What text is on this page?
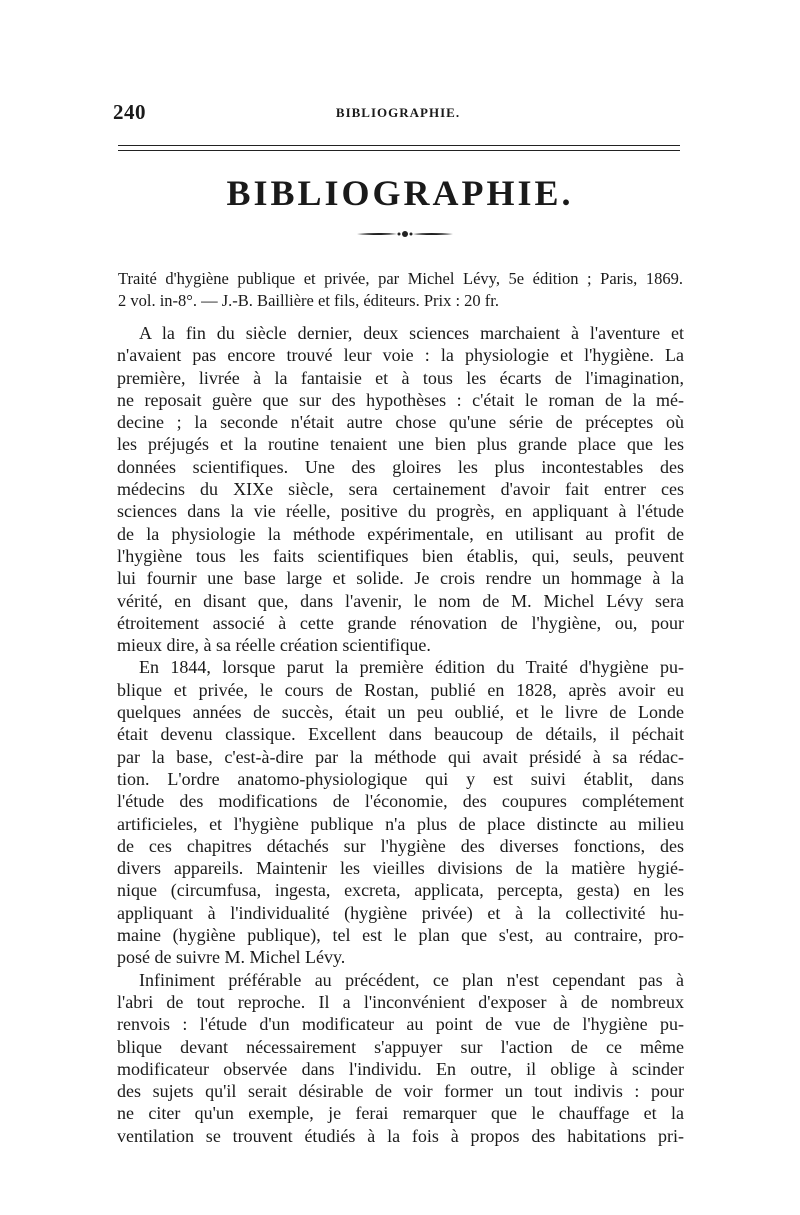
240	BIBLIOGRAPHIE.
BIBLIOGRAPHIE.
Traité d'hygiène publique et privée, par Michel Lévy, 5e édition ; Paris, 1869.
2 vol. in-8°. — J.-B. Baillière et fils, éditeurs. Prix : 20 fr.
A la fin du siècle dernier, deux sciences marchaient à l'aventure et
n'avaient pas encore trouvé leur voie : la physiologie et l'hygiène. La
première, livrée à la fantaisie et à tous les écarts de l'imagination,
ne reposait guère que sur des hypothèses : c'était le roman de la mé-
decine ; la seconde n'était autre chose qu'une série de préceptes où
les préjugés et la routine tenaient une bien plus grande place que les
données scientifiques. Une des gloires les plus incontestables des
médecins du XIXe siècle, sera certainement d'avoir fait entrer ces
sciences dans la vie réelle, positive du progrès, en appliquant à l'étude
de la physiologie la méthode expérimentale, en utilisant au profit de
l'hygiène tous les faits scientifiques bien établis, qui, seuls, peuvent
lui fournir une base large et solide. Je crois rendre un hommage à la
vérité, en disant que, dans l'avenir, le nom de M. Michel Lévy sera
étroitement associé à cette grande rénovation de l'hygiène, ou, pour
mieux dire, à sa réelle création scientifique.
En 1844, lorsque parut la première édition du Traité d'hygiène pu-
blique et privée, le cours de Rostan, publié en 1828, après avoir eu
quelques années de succès, était un peu oublié, et le livre de Londe
était devenu classique. Excellent dans beaucoup de détails, il péchait
par la base, c'est-à-dire par la méthode qui avait présidé à sa rédac-
tion. L'ordre anatomo-physiologique qui y est suivi établit, dans
l'étude des modifications de l'économie, des coupures complétement
artificieles, et l'hygiène publique n'a plus de place distincte au milieu
de ces chapitres détachés sur l'hygiène des diverses fonctions, des
divers appareils. Maintenir les vieilles divisions de la matière hygié-
nique (circumfusa, ingesta, excreta, applicata, percepta, gesta) en les
appliquant à l'individualité (hygiène privée) et à la collectivité hu-
maine (hygiène publique), tel est le plan que s'est, au contraire, pro-
posé de suivre M. Michel Lévy.
Infiniment préférable au précédent, ce plan n'est cependant pas à
l'abri de tout reproche. Il a l'inconvénient d'exposer à de nombreux
renvois : l'étude d'un modificateur au point de vue de l'hygiène pu-
blique devant nécessairement s'appuyer sur l'action de ce même
modificateur observée dans l'individu. En outre, il oblige à scinder
des sujets qu'il serait désirable de voir former un tout indivis : pour
ne citer qu'un exemple, je ferai remarquer que le chauffage et la
ventilation se trouvent étudiés à la fois à propos des habitations pri-
